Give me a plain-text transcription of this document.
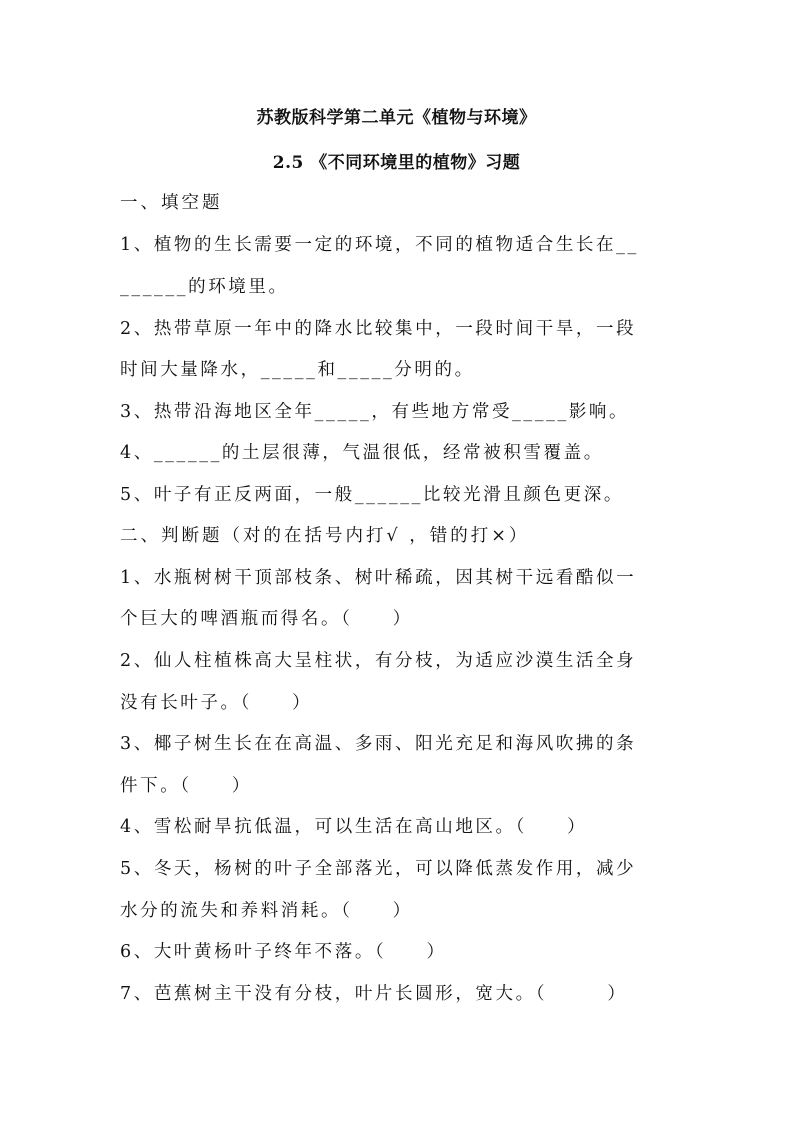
苏教版科学第二单元《植物与环境》
2.5 《不同环境里的植物》习题
一、填空题
1、植物的生长需要一定的环境，不同的植物适合生长在__
______的环境里。
2、热带草原一年中的降水比较集中，一段时间干旱，一段
时间大量降水，_____和_____分明的。
3、热带沿海地区全年_____，有些地方常受_____影响。
4、______的土层很薄，气温很低，经常被积雪覆盖。
5、叶子有正反两面，一般______比较光滑且颜色更深。
二、判断题（对的在括号内打√ ，错的打×）
1、水瓶树树干顶部枝条、树叶稀疏，因其树干远看酷似一
个巨大的啤酒瓶而得名。（　　）
2、仙人柱植株高大呈柱状，有分枝，为适应沙漠生活全身
没有长叶子。（　　）
3、椰子树生长在在高温、多雨、阳光充足和海风吹拂的条
件下。（　　）
4、雪松耐旱抗低温，可以生活在高山地区。（　　）
5、冬天，杨树的叶子全部落光，可以降低蒸发作用，减少
水分的流失和养料消耗。（　　）
6、大叶黄杨叶子终年不落。（　　）
7、芭蕉树主干没有分枝，叶片长圆形，宽大。（　　　）
